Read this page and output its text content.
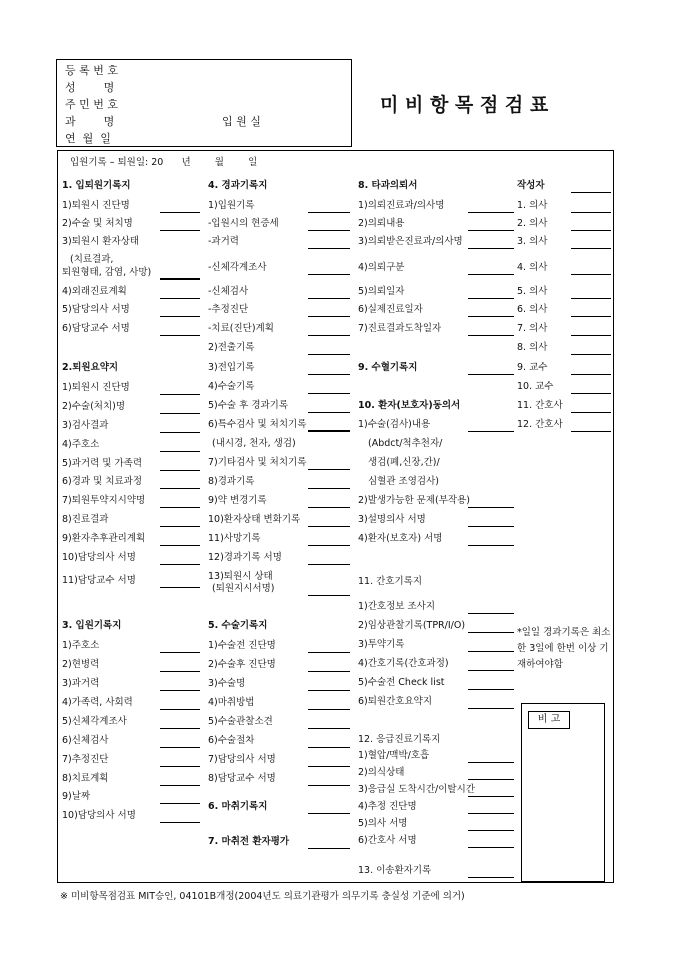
등 록 번 호
성        명
주 민 번 호
과        명	입 원 실
연  월  일
미 비 항 목 점 검 표
입원기록 – 퇴원일: 20      년        월        일
1. 입퇴원기록지
1)퇴원시 진단명
2)수술 및 처치명
3)퇴원시 환자상태
(치료결과,
퇴원형태, 감염, 사망)
4)외래진료계획
5)담당의사 서명
6)담당교수 서명
2.퇴원요약지
1)퇴원시 진단명
2)수술(처치)명
3)검사결과
4)주호소
5)과거력 및 가족력
6)경과 및 치료과정
7)퇴원투약지시약명
8)진료결과
9)환자추후관리계획
10)담당의사 서명
11)담당교수 서명
3. 입원기록지
1)주호소
2)현병력
3)과거력
4)가족력, 사회력
5)신체각계조사
6)신체검사
7)추정진단
8)치료계획
9)날짜
10)담당의사 서명
4. 경과기록지
1)입원기록
-입원시의 현증세
-과거력
-신체각계조사
-신체검사
-추정진단
-치료(진단)계획
2)전출기록
3)전입기록
4)수술기록
5)수술 후 경과기록
6)특수검사 및 처치기록
(내시경, 천자, 생검)
7)기타검사 및 처치기록
8)경과기록
9)약 변경기록
10)환자상태 변화기록
11)사망기록
12)경과기록 서명
13)퇴원시 상태
(퇴원지시서명)
5. 수술기록지
1)수술전 진단명
2)수술후 진단명
3)수술명
4)마취방법
5)수술관찰소견
6)수술절차
7)담당의사 서명
8)담당교수 서명
6. 마취기록지
7. 마취전 환자평가
8. 타과의뢰서
1)의뢰진료과/의사명
2)의뢰내용
3)의뢰받은진료과/의사명
4)의뢰구분
5)의뢰일자
6)실제진료일자
7)진료결과도착일자
9. 수혈기록지
10. 환자(보호자)동의서
1)수술(검사)내용
(Abdct/척추천자/
생검(폐,신장,간)/
심혈관 조영검사)
2)발생가능한 문제(부작용)
3)설명의사 서명
4)환자(보호자) 서명
11. 간호기록지
1)간호정보 조사지
2)임상관찰기록(TPR/I/O)
3)투약기록
4)간호기록(간호과정)
5)수술전 Check list
6)퇴원간호요약지
12. 응급진료기록지
1)혈압/맥박/호흡
2)의식상태
3)응급실 도착시간/이탈시간
4)추정 진단명
5)의사 서명
6)간호사 서명
13. 이송환자기록
작성자
1. 의사
2. 의사
3. 의사
4. 의사
5. 의사
6. 의사
7. 의사
8. 의사
9. 교수
10. 교수
11. 간호사
12. 간호사
*일일 경과기록은 최소한 3일에 한번 이상 기재하여야함
비 고
※ 미비항목점검표 MIT승인, 04101B개정(2004년도 의료기관평가 의무기록 충실성 기준에 의거)
